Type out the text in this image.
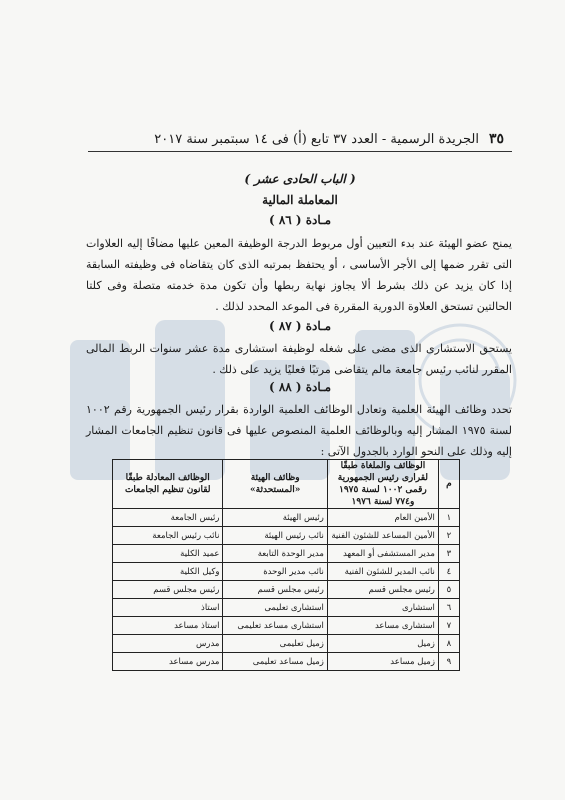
٣٥
الجريدة الرسمية - العدد ٣٧ تابع (أ) فى ١٤ سبتمبر سنة ٢٠١٧
( الباب الحادى عشر )
المعاملة المالية
مـادة ( ٨٦ )
يمنح عضو الهيئة عند بدء التعيين أول مربوط الدرجة الوظيفة المعين عليها مضافًا إليه العلاوات التى تقرر ضمها إلى الأجر الأساسى ، أو يحتفظ بمرتبه الذى كان يتقاضاه فى وظيفته السابقة إذا كان يزيد عن ذلك بشرط ألا يجاوز نهاية ربطها وأن تكون مدة خدمته متصلة وفى كلتا الحالتين تستحق العلاوة الدورية المقررة فى الموعد المحدد لذلك .
مـادة ( ٨٧ )
يستحق الاستشارى الذى مضى على شغله لوظيفة استشارى مدة عشر سنوات الربط المالى المقرر لنائب رئيس جامعة مالم يتقاضى مرتبًا فعليًا يزيد على ذلك .
مـادة ( ٨٨ )
تحدد وظائف الهيئة العلمية وتعادل الوظائف العلمية الواردة بقرار رئيس الجمهورية رقم ١٠٠٢ لسنة ١٩٧٥ المشار إليه وبالوظائف العلمية المنصوص عليها فى قانون تنظيم الجامعات المشار إليه وذلك على النحو الوارد بالجدول الآتى :
م	الوظائف والملغاة طبقًا لقرارى رئيس الجمهورية رقمى ١٠٠٢ لسنة ١٩٧٥ و٧٧٤ لسنة ١٩٧٦	وظائف الهيئة «المستحدثة»	الوظائف المعادلة طبقًا لقانون تنظيم الجامعات
١	الأمين العام	رئيس الهيئة	رئيس الجامعة
٢	الأمين المساعد للشئون الفنية	نائب رئيس الهيئة	نائب رئيس الجامعة
٣	مدير المستشفى أو المعهد	مدير الوحدة التابعة	عميد الكلية
٤	نائب المدير للشئون الفنية	نائب مدير الوحدة	وكيل الكلية
٥	رئيس مجلس قسم	رئيس مجلس قسم	رئيس مجلس قسم
٦	استشارى	استشارى تعليمى	استاذ
٧	استشارى مساعد	استشارى مساعد تعليمى	استاذ مساعد
٨	زميل	زميل تعليمى	مدرس
٩	زميل مساعد	زميل مساعد تعليمى	مدرس مساعد
